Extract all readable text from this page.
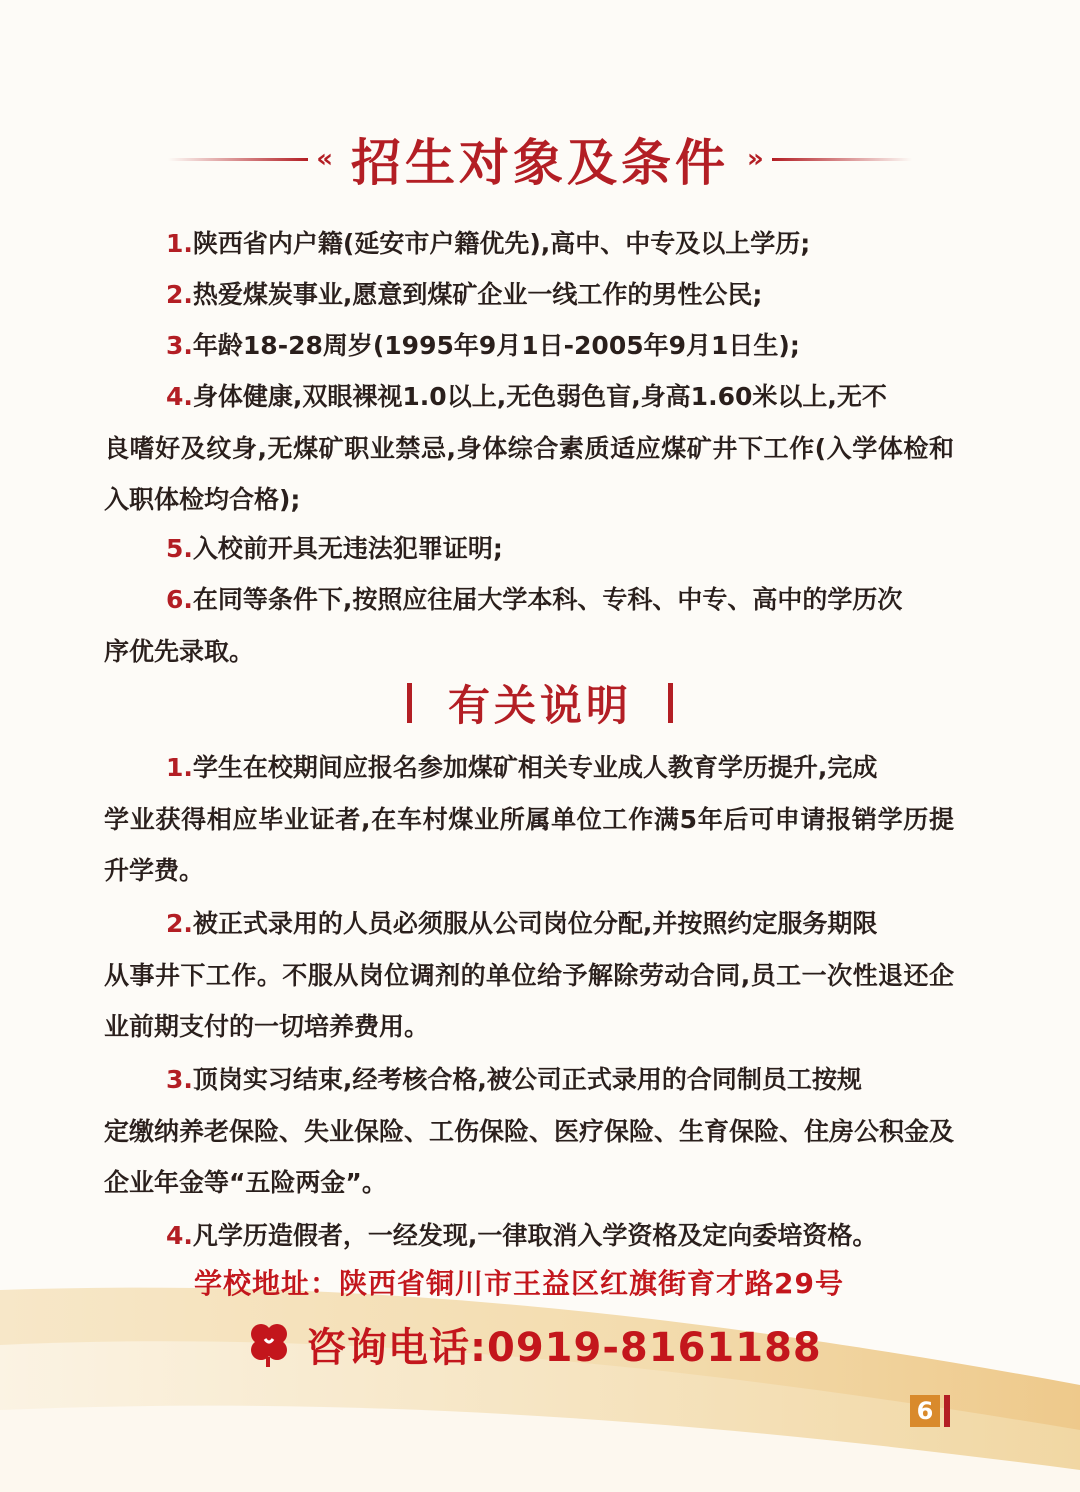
« 招生对象及条件 »
1.陕西省内户籍(延安市户籍优先),高中、中专及以上学历;
2.热爱煤炭事业,愿意到煤矿企业一线工作的男性公民;
3.年龄18-28周岁(1995年9月1日-2005年9月1日生);
4.身体健康,双眼裸视1.0以上,无色弱色盲,身高1.60米以上,无不
良嗜好及纹身,无煤矿职业禁忌,身体综合素质适应煤矿井下工作(入学体检和入职体检均合格);
5.入校前开具无违法犯罪证明;
6.在同等条件下,按照应往届大学本科、专科、中专、高中的学历次
序优先录取。
有关说明
1.学生在校期间应报名参加煤矿相关专业成人教育学历提升,完成
学业获得相应毕业证者,在车村煤业所属单位工作满5年后可申请报销学历提升学费。
2.被正式录用的人员必须服从公司岗位分配,并按照约定服务期限
从事井下工作。不服从岗位调剂的单位给予解除劳动合同,员工一次性退还企业前期支付的一切培养费用。
3.顶岗实习结束,经考核合格,被公司正式录用的合同制员工按规
定缴纳养老保险、失业保险、工伤保险、医疗保险、生育保险、住房公积金及企业年金等“五险两金”。
4.凡学历造假者，一经发现,一律取消入学资格及定向委培资格。
学校地址：陕西省铜川市王益区红旗街育才路29号
咨询电话:0919-8161188
6
